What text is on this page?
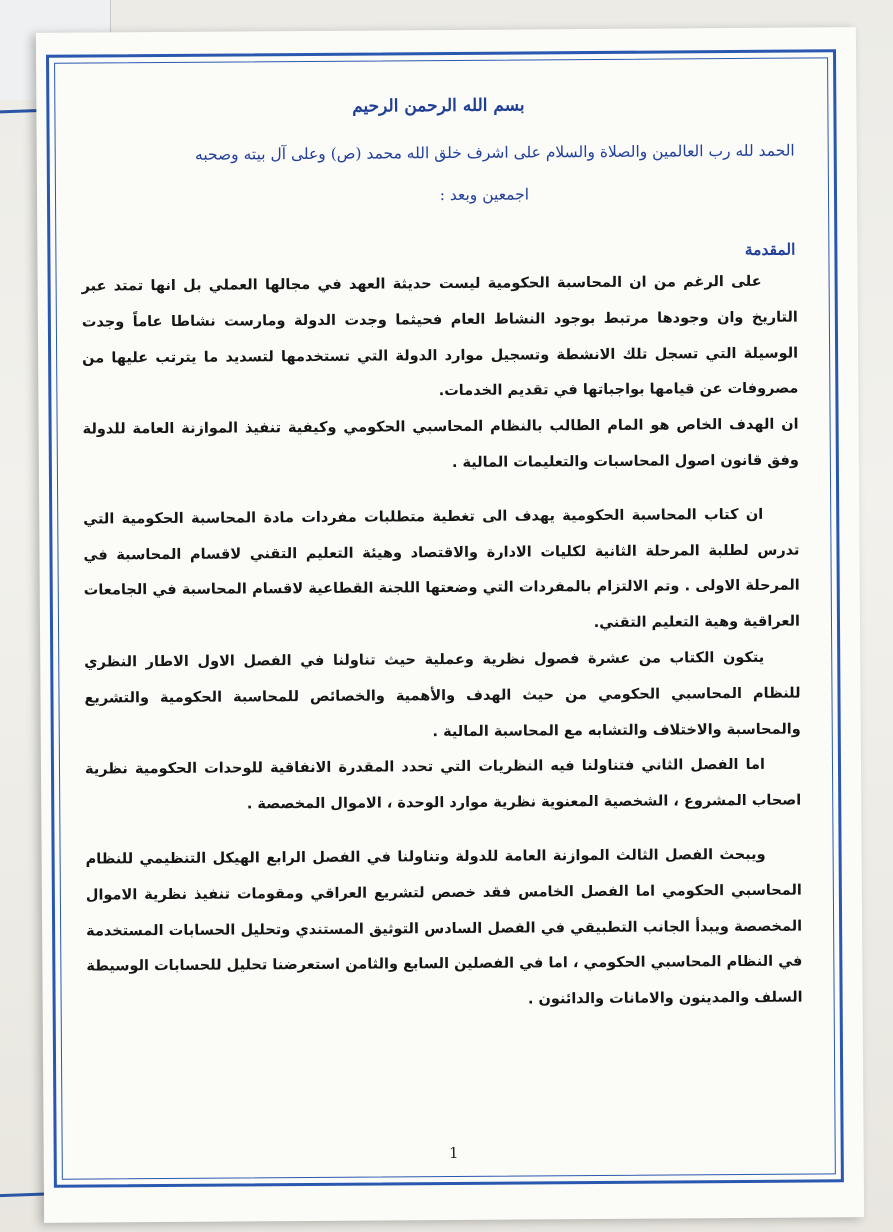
بسم الله الرحمن الرحيم
الحمد لله رب العالمين والصلاة والسلام على اشرف خلق الله محمد (ص) وعلى آل بيته وصحبه
اجمعين وبعد :
المقدمة

على الرغم من ان المحاسبة الحكومية ليست حديثة العهد في مجالها العملي بل انها تمتد عبر التاريخ وان وجودها مرتبط بوجود النشاط العام فحيثما وجدت الدولة ومارست نشاطا عاماً وجدت الوسيلة التي تسجل تلك الانشطة وتسجيل موارد الدولة التي تستخدمها لتسديد ما يترتب عليها من مصروفات عن قيامها بواجباتها في تقديم الخدمات.

ان الهدف الخاص هو المام الطالب بالنظام المحاسبي الحكومي وكيفية تنفيذ الموازنة العامة للدولة وفق قانون اصول المحاسبات والتعليمات المالية .

ان كتاب المحاسبة الحكومية يهدف الى تغطية متطلبات مفردات مادة المحاسبة الحكومية التي تدرس لطلبة المرحلة الثانية لكليات الادارة والاقتصاد وهيئة التعليم التقني لاقسام المحاسبة في المرحلة الاولى . وتم الالتزام بالمفردات التي وضعتها اللجنة القطاعية لاقسام المحاسبة في الجامعات العراقية وهية التعليم التقني.

يتكون الكتاب من عشرة فصول نظرية وعملية حيث تناولنا في الفصل الاول الاطار النظري للنظام المحاسبي الحكومي من حيث الهدف والأهمية والخصائص للمحاسبة الحكومية والتشريع والمحاسبة والاختلاف والتشابه مع المحاسبة المالية .

اما الفصل الثاني فتناولنا فيه النظريات التي تحدد المقدرة الانفاقية للوحدات الحكومية نظرية اصحاب المشروع ، الشخصية المعنوية نظرية موارد الوحدة ، الاموال المخصصة .

ويبحث الفصل الثالث الموازنة العامة للدولة وتناولنا في الفصل الرابع الهيكل التنظيمي للنظام المحاسبي الحكومي اما الفصل الخامس فقد خصص لتشريع العراقي ومقومات تنفيذ نظرية الاموال المخصصة ويبدأ الجانب التطبيقي في الفصل السادس التوثيق المستندي وتحليل الحسابات المستخدمة في النظام المحاسبي الحكومي ، اما في الفصلين السابع والثامن استعرضنا تحليل للحسابات الوسيطة السلف والمدينون والامانات والدائنون .

1
